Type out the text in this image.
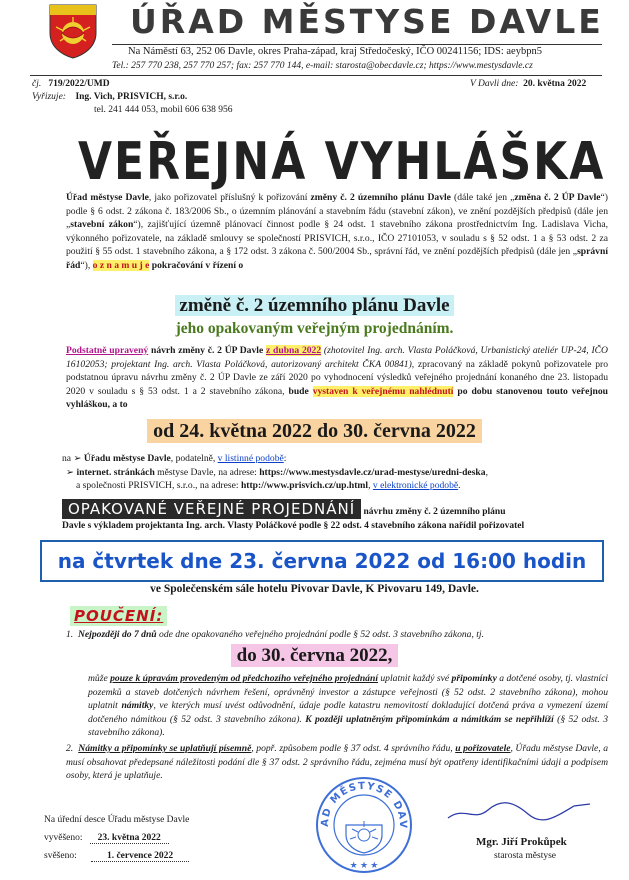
ÚŘAD MĚSTYSE DAVLE
Na Náměstí 63, 252 06 Davle, okres Praha-západ, kraj Středočeský, IČO 00241156; IDS: aeybpn5
Tel.: 257 770 238, 257 770 257; fax: 257 770 144, e-mail: starosta@obecdavle.cz; https://www.mestysdavle.cz
čj. 719/2022/UMD	V Davli dne: 20. května 2022
Vyřizuje: Ing. Vich, PRISVICH, s.r.o.
tel. 241 444 053, mobil 606 638 956
VEŘEJNÁ VYHLÁŠKA
Úřad městyse Davle, jako pořizovatel příslušný k pořizování změny č. 2 územního plánu Davle (dále také jen „změna č. 2 ÚP Davle“) podle § 6 odst. 2 zákona č. 183/2006 Sb., o územním plánování a stavebním řádu (stavební zákon), ve znění pozdějších předpisů (dále jen „stavební zákon“), zajišťující územně plánovací činnost podle § 24 odst. 1 stavebního zákona prostřednictvím Ing. Ladislava Vicha, výkonného pořizovatele, na základě smlouvy se společností PRISVICH, s.r.o., IČO 27101053, v souladu s § 52 odst. 1 a § 53 odst. 2 za použití § 55 odst. 1 stavebního zákona, a § 172 odst. 3 zákona č. 500/2004 Sb., správní řád, ve znění pozdějších předpisů (dále jen „správní řád“), o z n a m u j e pokračování v řízení o
změně č. 2 územního plánu Davle
jeho opakovaným veřejným projednáním.
Podstatně upravený návrh změny č. 2 ÚP Davle z dubna 2022 (zhotovitel Ing. arch. Vlasta Poláčková, Urbanistický ateliér UP-24, IČO 16102053; projektant Ing. arch. Vlasta Poláčková, autorizovaný architekt ČKA 00841), zpracovaný na základě pokynů pořizovatele pro podstatnou úpravu návrhu změny č. 2 ÚP Davle ze září 2020 po vyhodnocení výsledků veřejného projednání konaného dne 23. listopadu 2020 v souladu s § 53 odst. 1 a 2 stavebního zákona, bude vystaven k veřejnému nahlédnutí po dobu stanovenou touto veřejnou vyhláškou, a to
od 24. května 2022 do 30. června 2022
na ➢ Úřadu městyse Davle, podatelně, v listinné podobě:
➢ internet. stránkách městyse Davle, na adrese: https://www.mestysdavle.cz/urad-mestyse/uredni-deska,
a společnosti PRISVICH, s.r.o., na adrese: http://www.prisvich.cz/up.html, v elektronické podobě.
OPAKOVANÉ VEŘEJNÉ PROJEDNÁNÍ návrhu změny č. 2 územního plánu
Davle s výkladem projektanta Ing. arch. Vlasty Poláčkové podle § 22 odst. 4 stavebního zákona nařídil pořizovatel
na čtvrtek dne 23. června 2022 od 16:00 hodin
ve Společenském sále hotelu Pivovar Davle, K Pivovaru 149, Davle.
POUČENÍ:
1. Nejpozději do 7 dnů ode dne opakovaného veřejného projednání podle § 52 odst. 3 stavebního zákona, tj.
do 30. června 2022,
může pouze k úpravám provedeným od předchozího veřejného projednání uplatnit každý své připomínky a dotčené osoby, tj. vlastníci pozemků a staveb dotčených návrhem řešení, oprávněný investor a zástupce veřejnosti (§ 52 odst. 2 stavebního zákona), mohou uplatnit námitky, ve kterých musí uvést odůvodnění, údaje podle katastru nemovitostí dokladující dotčená práva a vymezení území dotčeného námitkou (§ 52 odst. 3 stavebního zákona). K později uplatněným připomínkám a námitkám se nepřihlíží (§ 52 odst. 3 stavebního zákona).
2. Námitky a připomínky se uplatňují písemně, popř. způsobem podle § 37 odst. 4 správního řádu, u pořizovatele, Úřadu městyse Davle, a musí obsahovat předepsané náležitosti podání dle § 37 odst. 2 správního řádu, zejména musí být opatřeny identifikačními údaji a podpisem osoby, která je uplatňuje.
Na úřední desce Úřadu městyse Davle
vyvěšeno: 23. května 2022
svěšeno:	1. července 2022
AD MĚSTYSE DAV
★ ★ ★
Mgr. Jiří Prokůpek
starosta městyse
